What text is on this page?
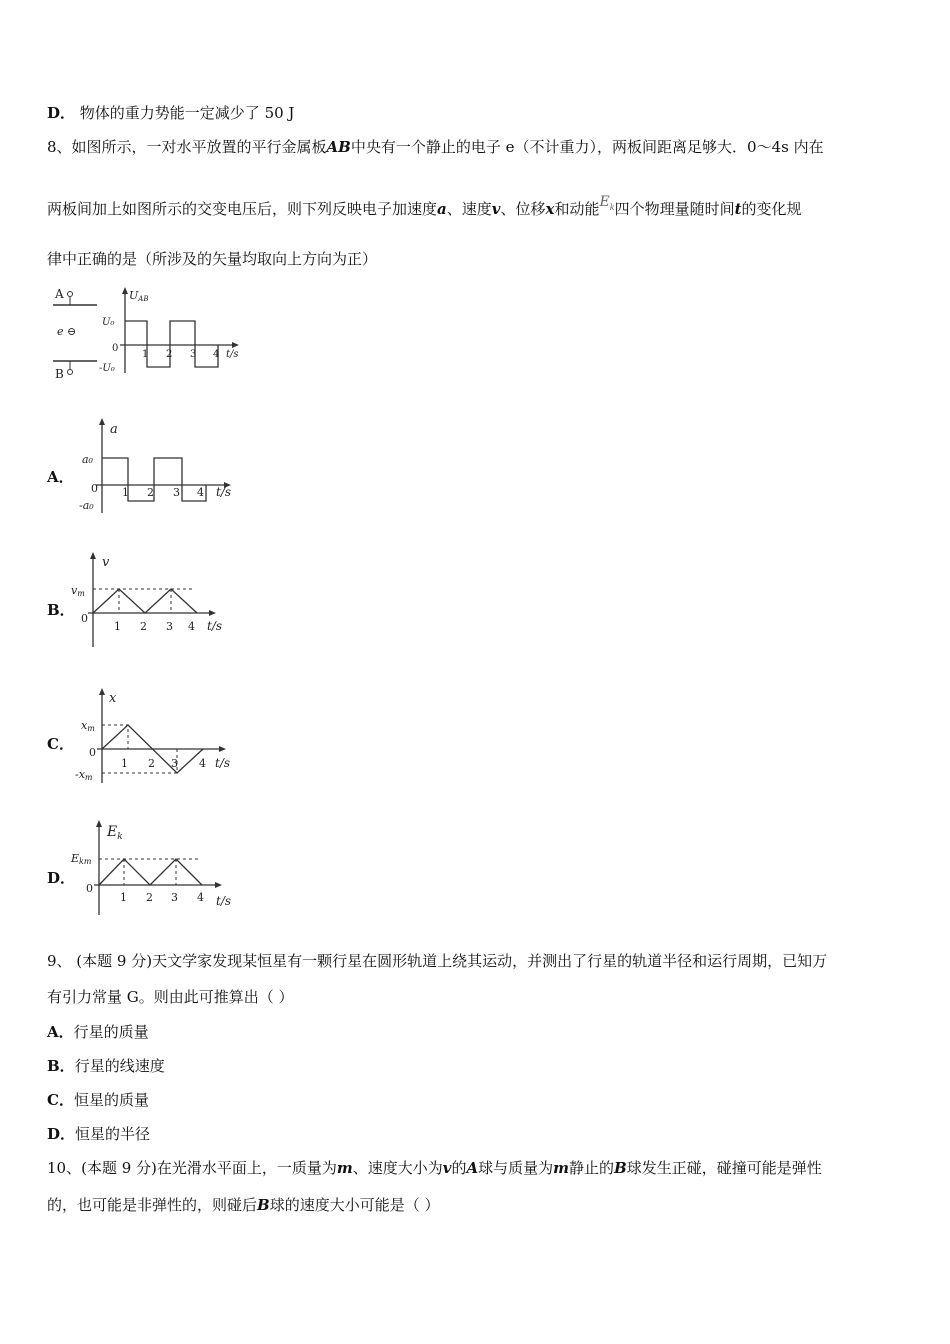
D． 物体的重力势能一定减少了 50 J
8、如图所示，一对水平放置的平行金属板AB中央有一个静止的电子 e（不计重力），两板间距离足够大．0～4s 内在
两板间加上如图所示的交变电压后，则下列反映电子加速度a、速度v、位移x和动能$E_k$四个物理量随时间t的变化规
律中正确的是（所涉及的矢量均取向上方向为正）
A
e ⊖
B
UAB
U₀
-U₀
0
1 2 3 4 t/s
A．
a
a₀
-a₀
0 1 2 3 4 t/s
B．
v
vm
0
1 2 3 4 t/s
C．
x
xm
-xm
0
1 2 3 4 t/s
D．
$E_k$
Ekm
0
1 2 3 4 t/s
9、 (本题 9 分)天文学家发现某恒星有一颗行星在圆形轨道上绕其运动，并测出了行星的轨道半径和运行周期，已知万
有引力常量 G。则由此可推算出（ ）
A．行星的质量
B．行星的线速度
C．恒星的质量
D．恒星的半径
10、(本题 9 分)在光滑水平面上，一质量为m、速度大小为v的A球与质量为m静止的B球发生正碰，碰撞可能是弹性
的，也可能是非弹性的，则碰后B球的速度大小可能是（ ）
